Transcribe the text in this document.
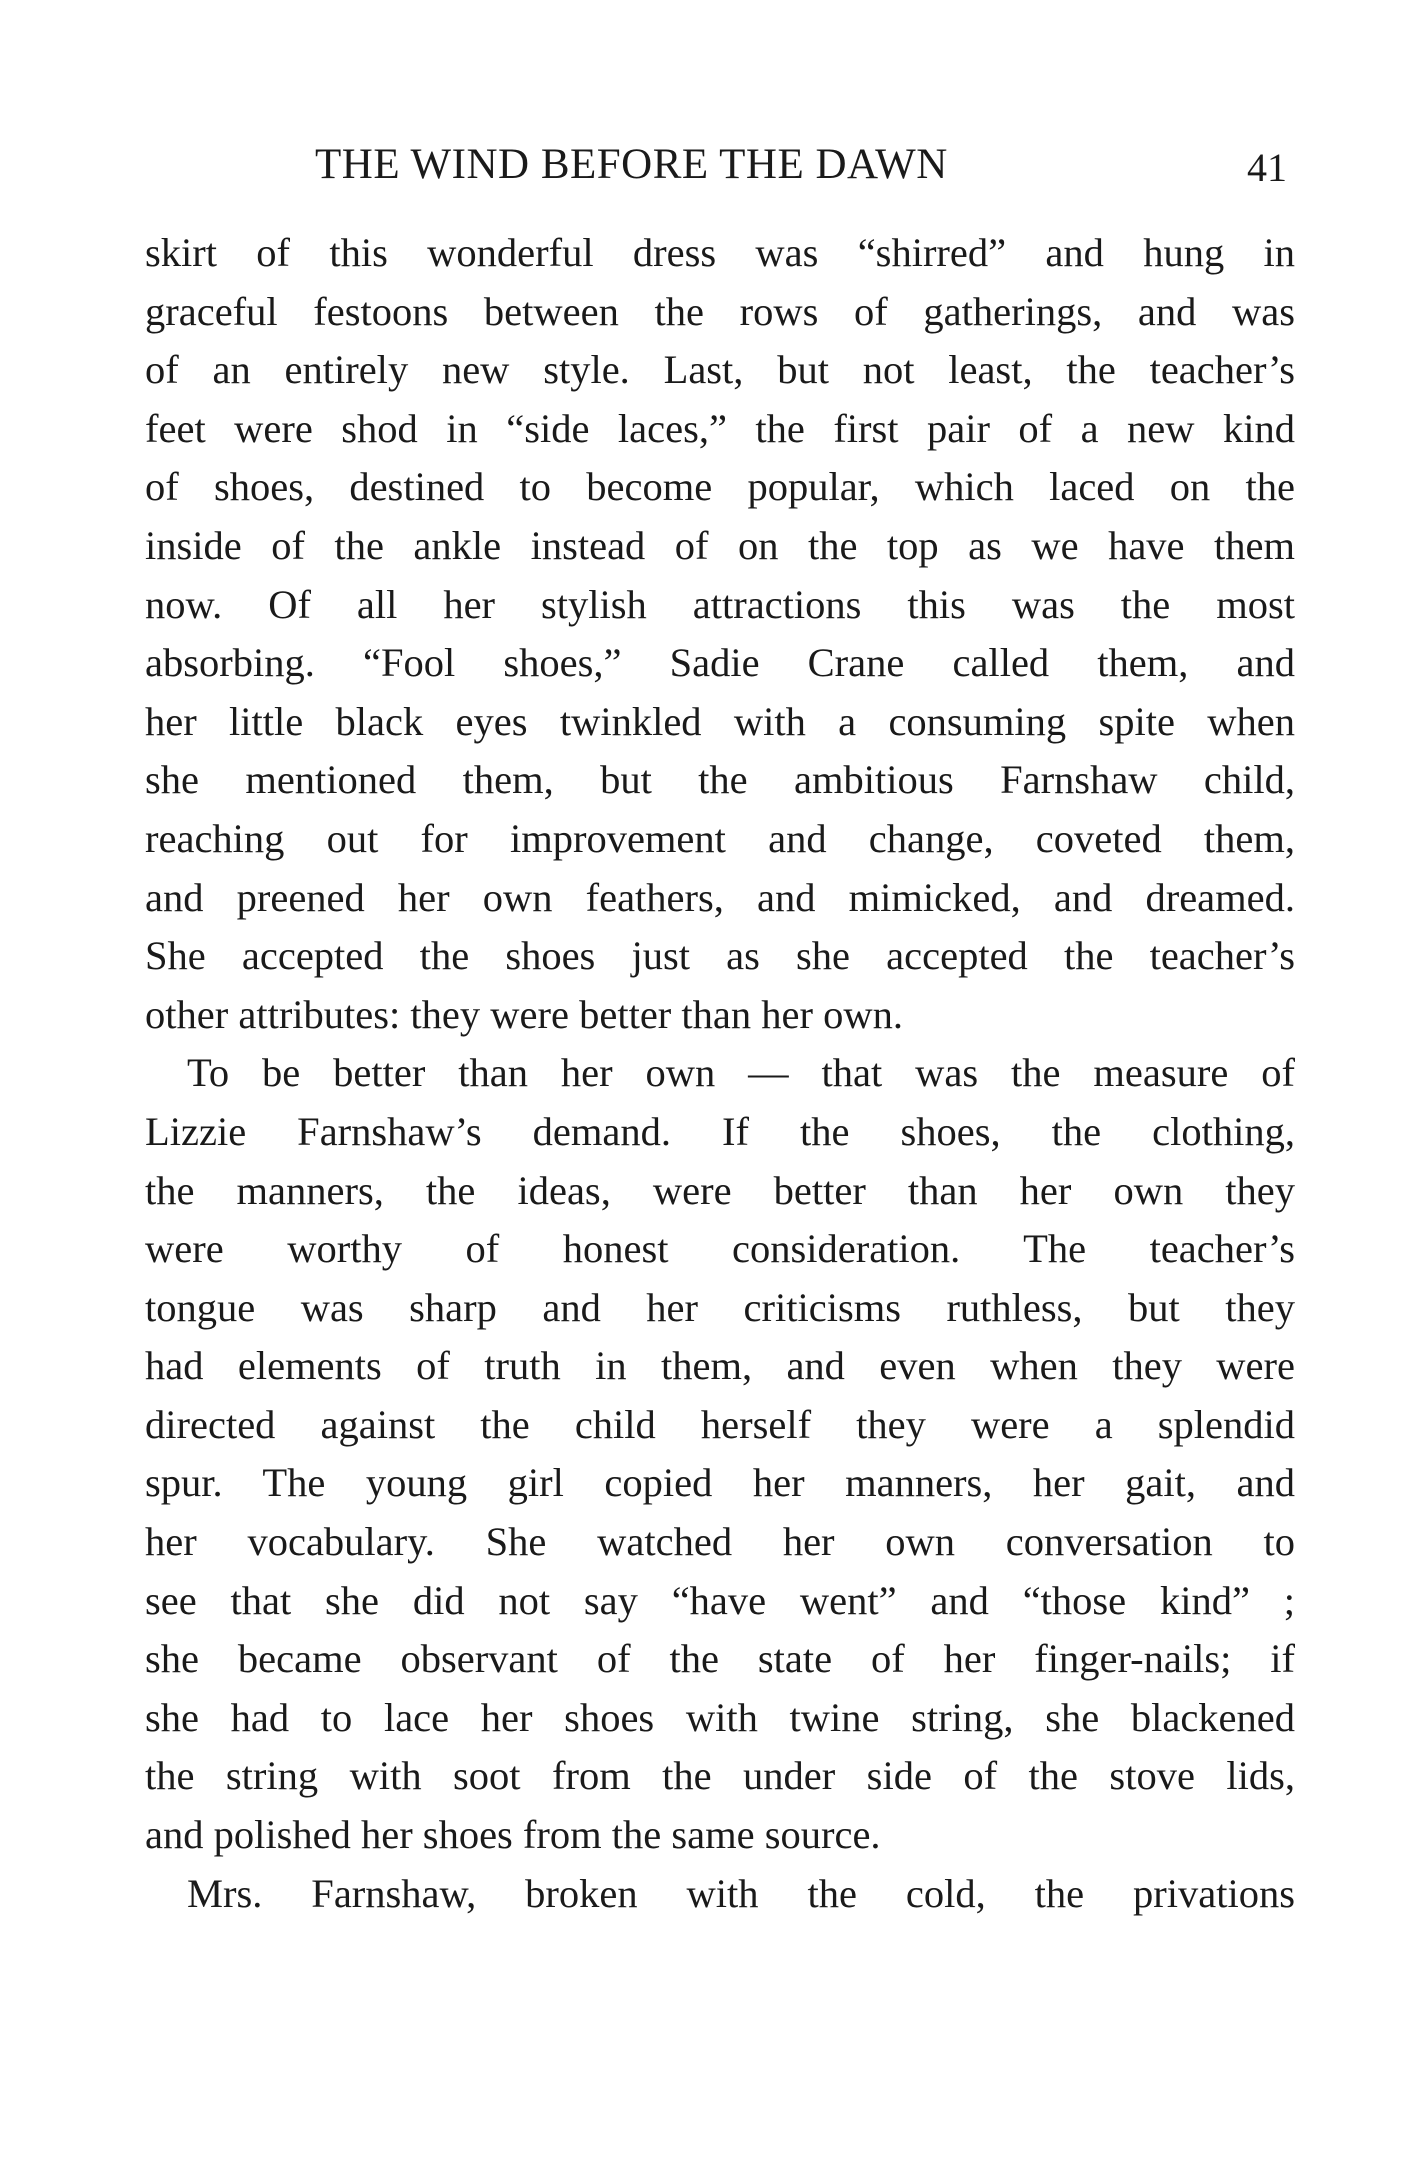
THE WIND BEFORE THE DAWN	41

skirt of this wonderful dress was “shirred” and hung in
graceful festoons between the rows of gatherings, and was
of an entirely new style. Last, but not least, the teacher’s
feet were shod in “side laces,” the first pair of a new kind
of shoes, destined to become popular, which laced on the
inside of the ankle instead of on the top as we have them
now. Of all her stylish attractions this was the most
absorbing. “Fool shoes,” Sadie Crane called them, and
her little black eyes twinkled with a consuming spite when
she mentioned them, but the ambitious Farnshaw child,
reaching out for improvement and change, coveted them,
and preened her own feathers, and mimicked, and dreamed.
She accepted the shoes just as she accepted the teacher’s
other attributes: they were better than her own.

To be better than her own — that was the measure of
Lizzie Farnshaw’s demand. If the shoes, the clothing,
the manners, the ideas, were better than her own they
were worthy of honest consideration. The teacher’s
tongue was sharp and her criticisms ruthless, but they
had elements of truth in them, and even when they were
directed against the child herself they were a splendid
spur. The young girl copied her manners, her gait, and
her vocabulary. She watched her own conversation to
see that she did not say “have went” and “those kind” ;
she became observant of the state of her finger-nails; if
she had to lace her shoes with twine string, she blackened
the string with soot from the under side of the stove lids,
and polished her shoes from the same source.

Mrs. Farnshaw, broken with the cold, the privations
